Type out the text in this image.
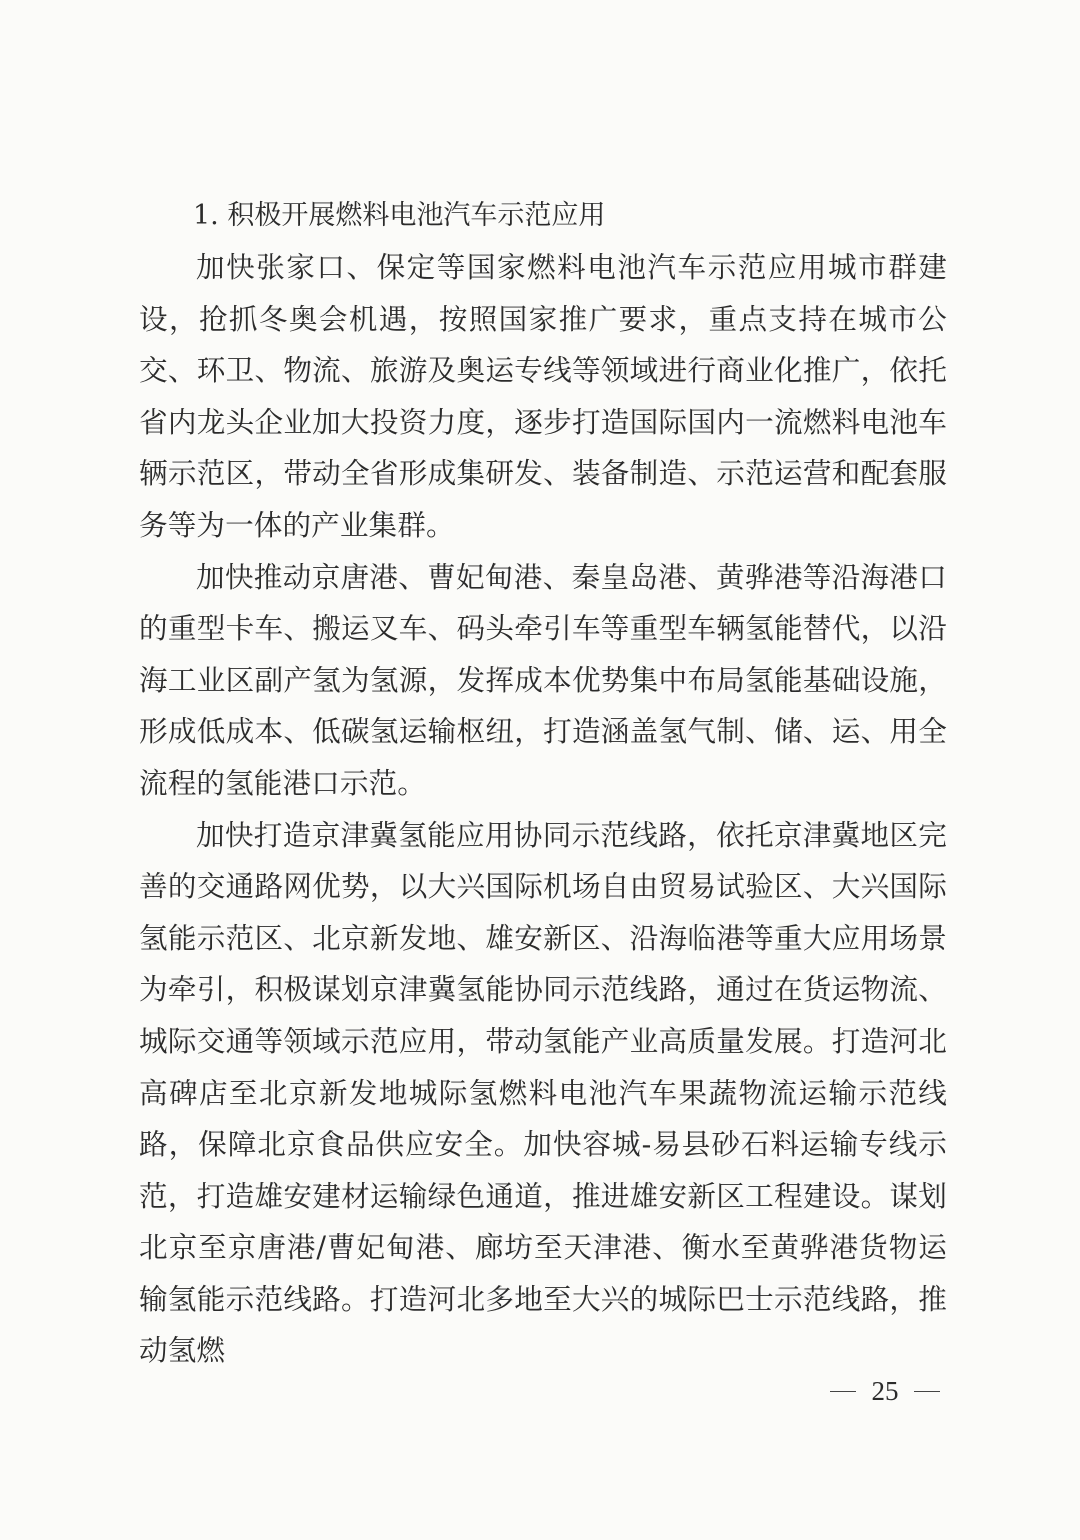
1. 积极开展燃料电池汽车示范应用

加快张家口、保定等国家燃料电池汽车示范应用城市群建设，抢抓冬奥会机遇，按照国家推广要求，重点支持在城市公交、环卫、物流、旅游及奥运专线等领域进行商业化推广，依托省内龙头企业加大投资力度，逐步打造国际国内一流燃料电池车辆示范区，带动全省形成集研发、装备制造、示范运营和配套服务等为一体的产业集群。

加快推动京唐港、曹妃甸港、秦皇岛港、黄骅港等沿海港口的重型卡车、搬运叉车、码头牵引车等重型车辆氢能替代，以沿海工业区副产氢为氢源，发挥成本优势集中布局氢能基础设施，形成低成本、低碳氢运输枢纽，打造涵盖氢气制、储、运、用全流程的氢能港口示范。

加快打造京津冀氢能应用协同示范线路，依托京津冀地区完善的交通路网优势，以大兴国际机场自由贸易试验区、大兴国际氢能示范区、北京新发地、雄安新区、沿海临港等重大应用场景为牵引，积极谋划京津冀氢能协同示范线路，通过在货运物流、城际交通等领域示范应用，带动氢能产业高质量发展。打造河北高碑店至北京新发地城际氢燃料电池汽车果蔬物流运输示范线路，保障北京食品供应安全。加快容城-易县砂石料运输专线示范，打造雄安建材运输绿色通道，推进雄安新区工程建设。谋划北京至京唐港/曹妃甸港、廊坊至天津港、衡水至黄骅港货物运输氢能示范线路。打造河北多地至大兴的城际巴士示范线路，推动氢燃

25
